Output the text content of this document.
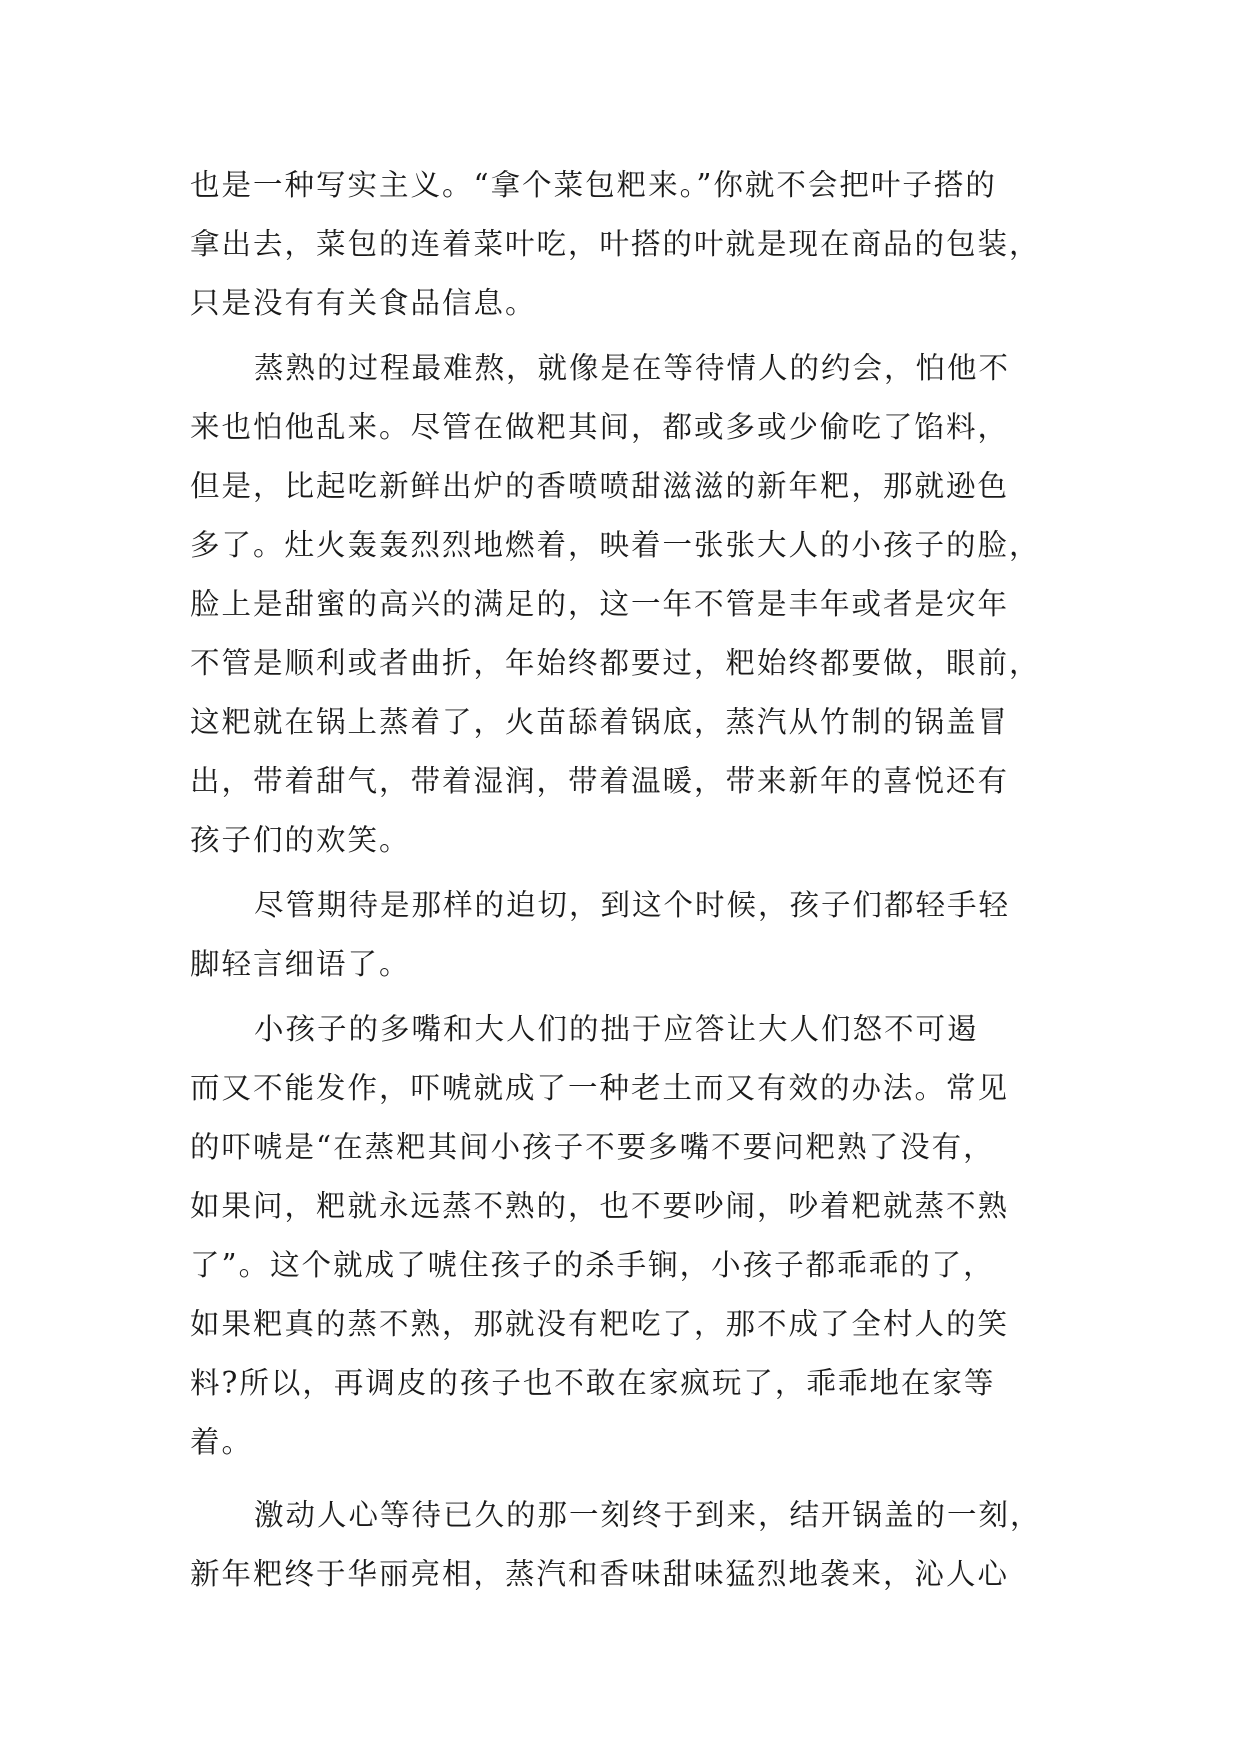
也是一种写实主义。“拿个菜包粑来。”你就不会把叶子搭的
拿出去，菜包的连着菜叶吃，叶搭的叶就是现在商品的包装，
只是没有有关食品信息。
蒸熟的过程最难熬，就像是在等待情人的约会，怕他不
来也怕他乱来。尽管在做粑其间，都或多或少偷吃了馅料，
但是，比起吃新鲜出炉的香喷喷甜滋滋的新年粑，那就逊色
多了。灶火轰轰烈烈地燃着，映着一张张大人的小孩子的脸，
脸上是甜蜜的高兴的满足的，这一年不管是丰年或者是灾年
不管是顺利或者曲折，年始终都要过，粑始终都要做，眼前，
这粑就在锅上蒸着了，火苗舔着锅底，蒸汽从竹制的锅盖冒
出，带着甜气，带着湿润，带着温暖，带来新年的喜悦还有
孩子们的欢笑。
尽管期待是那样的迫切，到这个时候，孩子们都轻手轻
脚轻言细语了。
小孩子的多嘴和大人们的拙于应答让大人们怒不可遏
而又不能发作，吓唬就成了一种老土而又有效的办法。常见
的吓唬是“在蒸粑其间小孩子不要多嘴不要问粑熟了没有，
如果问，粑就永远蒸不熟的，也不要吵闹，吵着粑就蒸不熟
了”。这个就成了唬住孩子的杀手锏，小孩子都乖乖的了，
如果粑真的蒸不熟，那就没有粑吃了，那不成了全村人的笑
料?所以，再调皮的孩子也不敢在家疯玩了，乖乖地在家等
着。
激动人心等待已久的那一刻终于到来，结开锅盖的一刻，
新年粑终于华丽亮相，蒸汽和香味甜味猛烈地袭来，沁人心
